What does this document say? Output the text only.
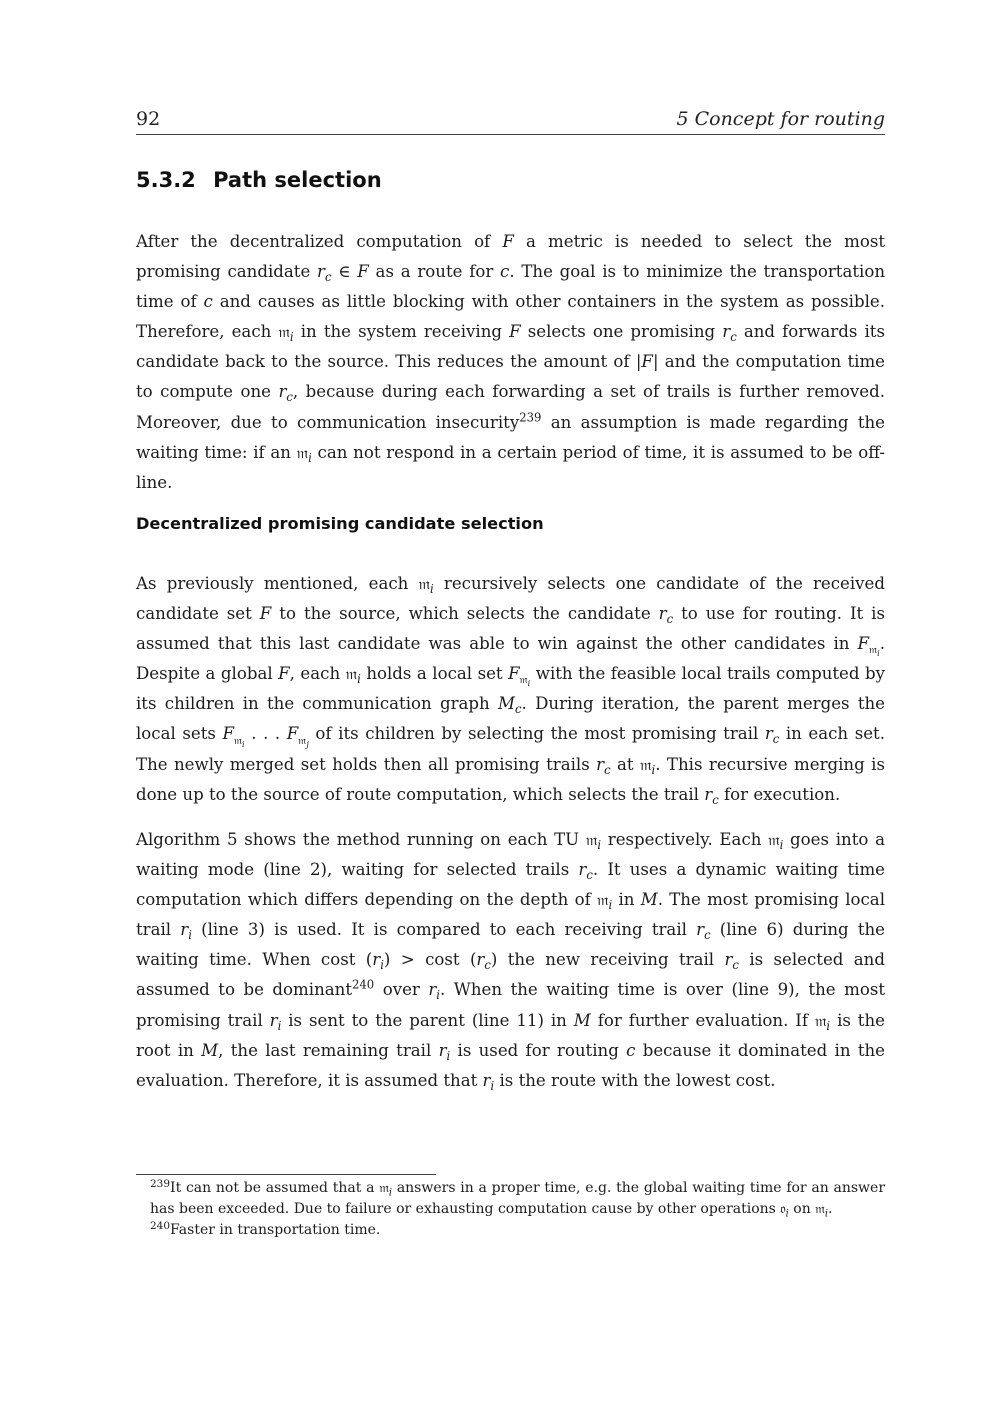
92	5 Concept for routing
5.3.2 Path selection

After the decentralized computation of F a metric is needed to select the most promising candidate $r_c$ ∈ F as a route for c. The goal is to minimize the transportation time of c and causes as little blocking with other containers in the system as possible. Therefore, each 𝔪$_i$ in the system receiving F selects one promising $r_c$ and forwards its candidate back to the source. This reduces the amount of |F| and the computation time to compute one $r_c$, because during each forwarding a set of trails is further removed. Moreover, due to communication insecurity$^{239}$ an assumption is made regarding the waiting time: if an 𝔪$_i$ can not respond in a certain period of time, it is assumed to be off-line.

Decentralized promising candidate selection

As previously mentioned, each 𝔪$_i$ recursively selects one candidate of the received candidate set F to the source, which selects the candidate $r_c$ to use for routing. It is assumed that this last candidate was able to win against the other candidates in $F_{𝔪_i}$. Despite a global F, each 𝔪$_i$ holds a local set $F_{𝔪_i}$ with the feasible local trails computed by its children in the communication graph $M_c$. During iteration, the parent merges the local sets $F_{𝔪_i}$ . . . $F_{𝔪_j}$ of its children by selecting the most promising trail $r_c$ in each set. The newly merged set holds then all promising trails $r_c$ at 𝔪$_i$. This recursive merging is done up to the source of route computation, which selects the trail $r_c$ for execution.

Algorithm 5 shows the method running on each TU 𝔪$_i$ respectively. Each 𝔪$_i$ goes into a waiting mode (line 2), waiting for selected trails $r_c$. It uses a dynamic waiting time computation which differs depending on the depth of 𝔪$_i$ in M. The most promising local trail $r_i$ (line 3) is used. It is compared to each receiving trail $r_c$ (line 6) during the waiting time. When cost $(r_i) > \cos t$ $(r_c)$ the new receiving trail $r_c$ is selected and assumed to be dominant$^{240}$ over $r_i$. When the waiting time is over (line 9), the most promising trail $r_i$ is sent to the parent (line 11) in M for further evaluation. If 𝔪$_i$ is the root in M, the last remaining trail $r_i$ is used for routing c because it dominated in the evaluation. Therefore, it is assumed that $r_i$ is the route with the lowest cost.

$^{239}$It can not be assumed that a 𝔪$_i$ answers in a proper time, e.g. the global waiting time for an answer has been exceeded. Due to failure or exhausting computation cause by other operations 𝔬$_i$ on 𝔪$_i$.

$^{240}$Faster in transportation time.
